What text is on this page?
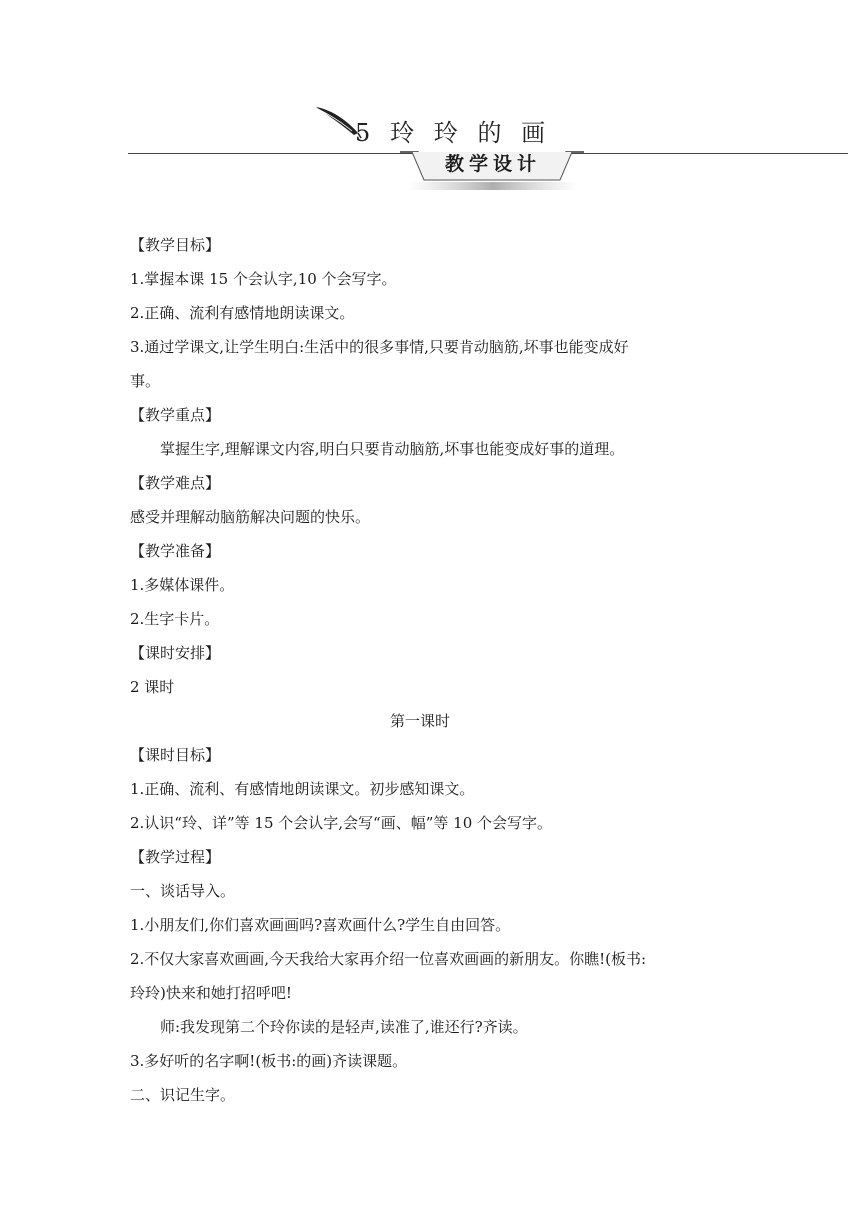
5 玲 玲 的 画
教学设计
【教学目标】
1.掌握本课 15 个会认字,10 个会写字。
2.正确、流利有感情地朗读课文。
3.通过学课文,让学生明白:生活中的很多事情,只要肯动脑筋,坏事也能变成好
事。
【教学重点】
掌握生字,理解课文内容,明白只要肯动脑筋,坏事也能变成好事的道理。
【教学难点】
感受并理解动脑筋解决问题的快乐。
【教学准备】
1.多媒体课件。
2.生字卡片。
【课时安排】
2 课时
第一课时
【课时目标】
1.正确、流利、有感情地朗读课文。初步感知课文。
2.认识“玲、详”等 15 个会认字,会写“画、幅”等 10 个会写字。
【教学过程】
一、谈话导入。
1.小朋友们,你们喜欢画画吗?喜欢画什么?学生自由回答。
2.不仅大家喜欢画画,今天我给大家再介绍一位喜欢画画的新朋友。你瞧!(板书:
玲玲)快来和她打招呼吧!
师:我发现第二个玲你读的是轻声,读准了,谁还行?齐读。
3.多好听的名字啊!(板书:的画)齐读课题。
二、识记生字。
